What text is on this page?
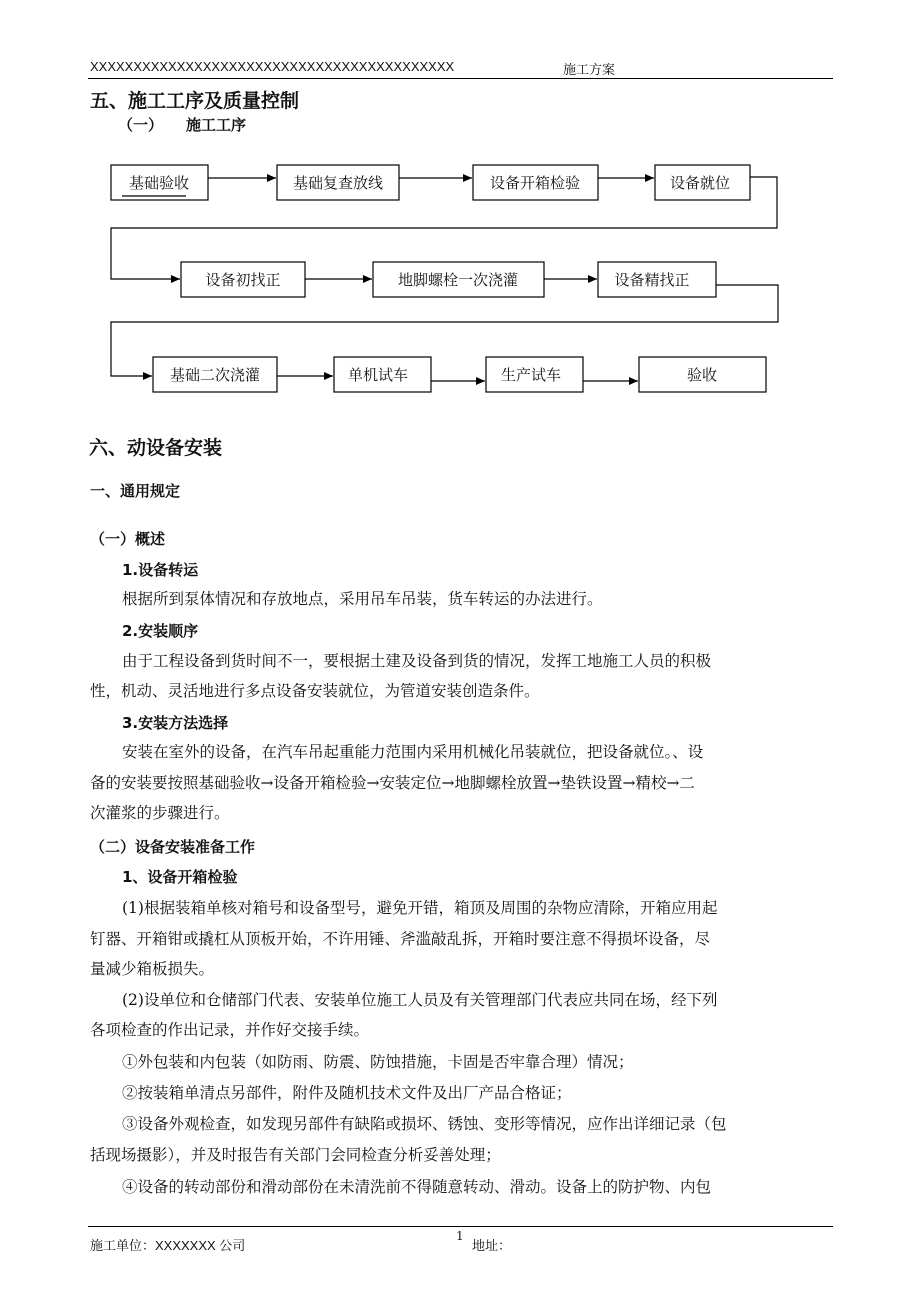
XXXXXXXXXXXXXXXXXXXXXXXXXXXXXXXXXXXXXXXXXX	施工方案
五、施工工序及质量控制
（一） 施工工序
基础验收	基础复查放线	设备开箱检验	设备就位
设备初找正	地脚螺栓一次浇灌	设备精找正
基础二次浇灌	单机试车	生产试车	验收
六、动设备安装
一、通用规定
（一）概述
1.设备转运
根据所到泵体情况和存放地点，采用吊车吊装，货车转运的办法进行。
2.安装顺序
由于工程设备到货时间不一，要根据土建及设备到货的情况，发挥工地施工人员的积极
性，机动、灵活地进行多点设备安装就位，为管道安装创造条件。
3.安装方法选择
安装在室外的设备，在汽车吊起重能力范围内采用机械化吊装就位，把设备就位。、设
备的安装要按照基础验收→设备开箱检验→安装定位→地脚螺栓放置→垫铁设置→精校→二
次灌浆的步骤进行。
（二）设备安装准备工作
1、设备开箱检验
(1)根据装箱单核对箱号和设备型号，避免开错，箱顶及周围的杂物应清除，开箱应用起
钉器、开箱钳或撬杠从顶板开始，不许用锤、斧滥敲乱拆，开箱时要注意不得损坏设备，尽
量减少箱板损失。
(2)设单位和仓储部门代表、安装单位施工人员及有关管理部门代表应共同在场，经下列
各项检查的作出记录，并作好交接手续。
①外包装和内包装（如防雨、防震、防蚀措施，卡固是否牢靠合理）情况；
②按装箱单清点另部件，附件及随机技术文件及出厂产品合格证；
③设备外观检查，如发现另部件有缺陷或损坏、锈蚀、变形等情况，应作出详细记录（包
括现场摄影），并及时报告有关部门会同检查分析妥善处理；
④设备的转动部份和滑动部份在未清洗前不得随意转动、滑动。设备上的防护物、内包
施工单位：XXXXXXX 公司
1
地址：
